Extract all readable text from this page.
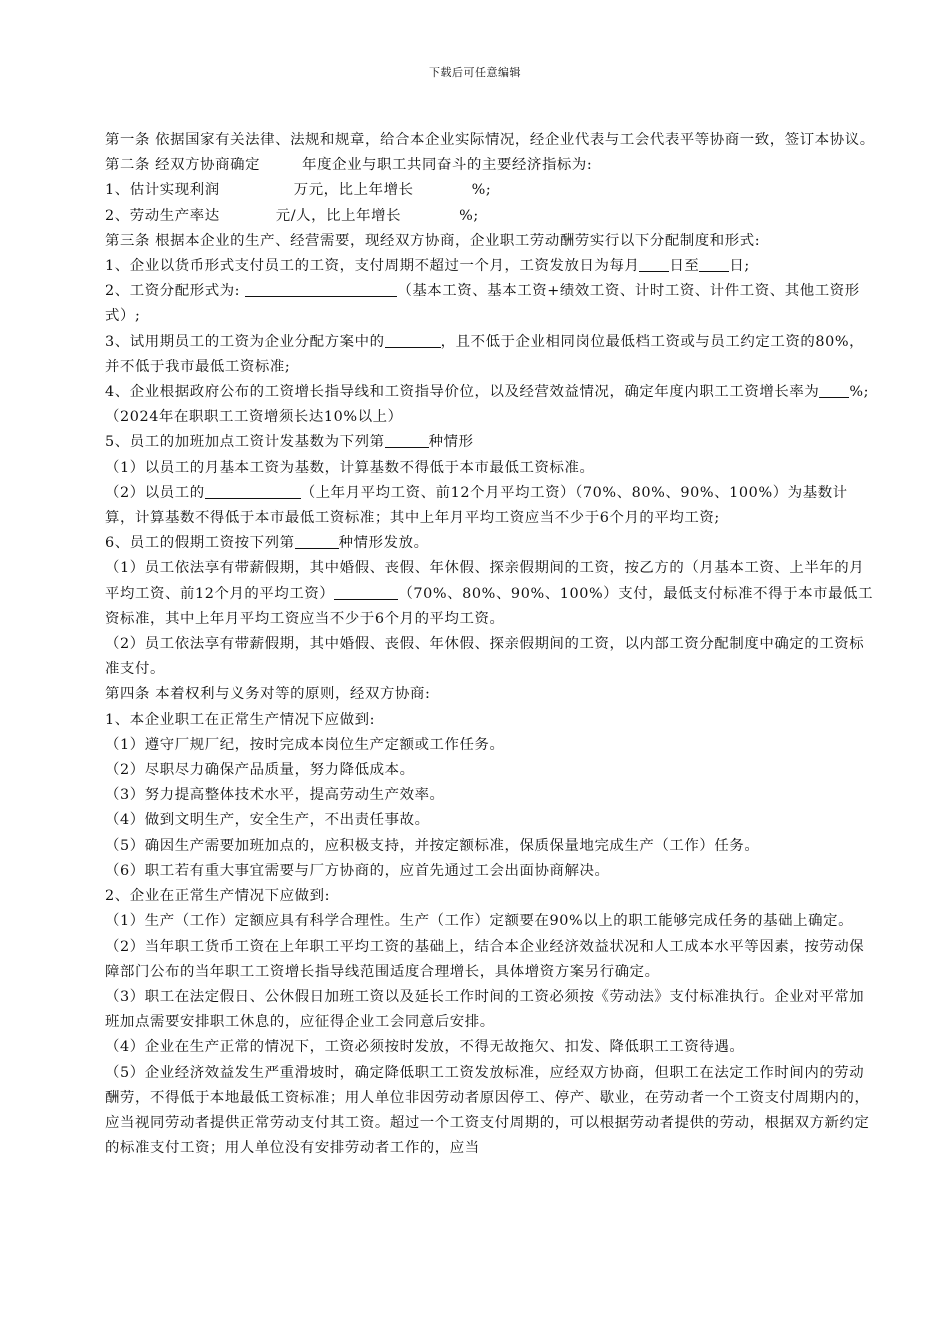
下载后可任意编辑

第一条 依据国家有关法律、法规和规章，给合本企业实际情况，经企业代表与工会代表平等协商一致，签订本协议。

第二条 经双方协商确定	年度企业与职工共同奋斗的主要经济指标为:

1、估计实现利润	万元，比上年增长	%;

2、劳动生产率达	元/人，比上年增长	%;

第三条 根据本企业的生产、经营需要，现经双方协商，企业职工劳动酬劳实行以下分配制度和形式:

1、企业以货币形式支付员工的工资，支付周期不超过一个月，工资发放日为每月 日至 日;

2、工资分配形式为:	（基本工资、基本工资+绩效工资、计时工资、计件工资、其他工资形式）;

3、试用期员工的工资为企业分配方案中的	，且不低于企业相同岗位最低档工资或与员工约定工资的80%，并不低于我市最低工资标准;

4、企业根据政府公布的工资增长指导线和工资指导价位，以及经营效益情况，确定年度内职工工资增长率为 %;（2024年在职职工工资增须长达10%以上）

5、员工的加班加点工资计发基数为下列第	种情形

（1）以员工的月基本工资为基数，计算基数不得低于本市最低工资标准。

（2）以员工的	（上年月平均工资、前12个月平均工资）（70%、80%、90%、100%）为基数计算，计算基数不得低于本市最低工资标准；其中上年月平均工资应当不少于6个月的平均工资;

6、员工的假期工资按下列第	种情形发放。

（1）员工依法享有带薪假期，其中婚假、丧假、年休假、探亲假期间的工资，按乙方的（月基本工资、上半年的月平均工资、前12个月的平均工资）	（70%、80%、90%、100%）支付，最低支付标准不得于本市最低工资标准，其中上年月平均工资应当不少于6个月的平均工资。

（2）员工依法享有带薪假期，其中婚假、丧假、年休假、探亲假期间的工资，以内部工资分配制度中确定的工资标准支付。

第四条 本着权利与义务对等的原则，经双方协商:

1、本企业职工在正常生产情况下应做到:

（1）遵守厂规厂纪，按时完成本岗位生产定额或工作任务。

（2）尽职尽力确保产品质量，努力降低成本。

（3）努力提高整体技术水平，提高劳动生产效率。

（4）做到文明生产，安全生产，不出责任事故。

（5）确因生产需要加班加点的，应积极支持，并按定额标准，保质保量地完成生产（工作）任务。

（6）职工若有重大事宜需要与厂方协商的，应首先通过工会出面协商解决。

2、企业在正常生产情况下应做到:

（1）生产（工作）定额应具有科学合理性。生产（工作）定额要在90%以上的职工能够完成任务的基础上确定。

（2）当年职工货币工资在上年职工平均工资的基础上，结合本企业经济效益状况和人工成本水平等因素，按劳动保障部门公布的当年职工工资增长指导线范围适度合理增长，具体增资方案另行确定。

（3）职工在法定假日、公休假日加班工资以及延长工作时间的工资必须按《劳动法》支付标准执行。企业对平常加班加点需要安排职工休息的，应征得企业工会同意后安排。

（4）企业在生产正常的情况下，工资必须按时发放，不得无故拖欠、扣发、降低职工工资待遇。

（5）企业经济效益发生严重滑坡时，确定降低职工工资发放标准，应经双方协商，但职工在法定工作时间内的劳动酬劳，不得低于本地最低工资标准；用人单位非因劳动者原因停工、停产、歇业，在劳动者一个工资支付周期内的，应当视同劳动者提供正常劳动支付其工资。超过一个工资支付周期的，可以根据劳动者提供的劳动，根据双方新约定的标准支付工资；用人单位没有安排劳动者工作的，应当
